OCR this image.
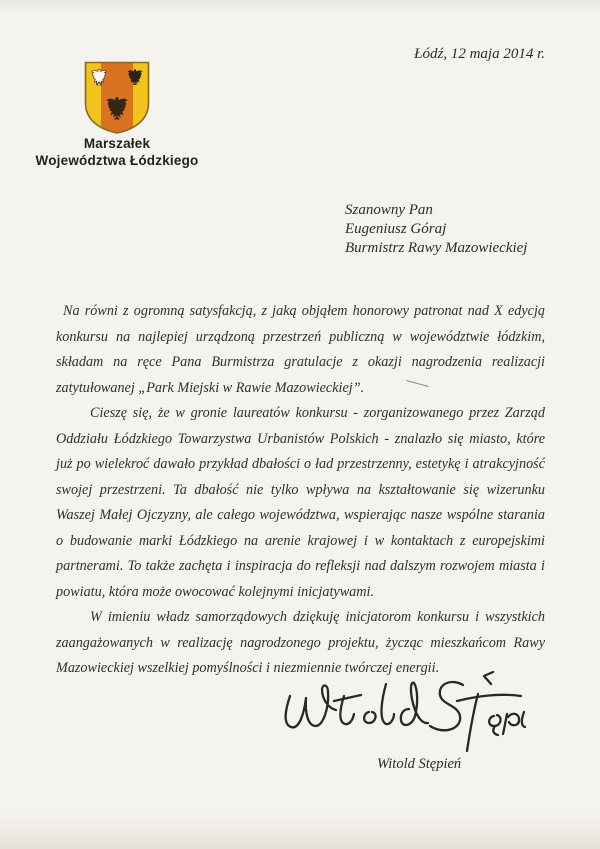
Marszałek
Województwa Łódzkiego
Łódź, 12 maja 2014 r.
Szanowny Pan
Eugeniusz Góraj
Burmistrz Rawy Mazowieckiej

Na równi z ogromną satysfakcją, z jaką objąłem honorowy patronat nad X edycją konkursu na najlepiej urządzoną przestrzeń publiczną w województwie łódzkim, składam na ręce Pana Burmistrza gratulacje z okazji nagrodzenia realizacji zatytułowanej „Park Miejski w Rawie Mazowieckiej”.

Cieszę się, że w gronie laureatów konkursu - zorganizowanego przez Zarząd Oddziału Łódzkiego Towarzystwa Urbanistów Polskich - znalazło się miasto, które już po wielekroć dawało przykład dbałości o ład przestrzenny, estetykę i atrakcyjność swojej przestrzeni. Ta dbałość nie tylko wpływa na kształtowanie się wizerunku Waszej Małej Ojczyzny, ale całego województwa, wspierając nasze wspólne starania o budowanie marki Łódzkiego na arenie krajowej i w kontaktach z europejskimi partnerami. To także zachęta i inspiracja do refleksji nad dalszym rozwojem miasta i powiatu, która może owocować kolejnymi inicjatywami.

W imieniu władz samorządowych dziękuję inicjatorom konkursu i wszystkich zaangażowanych w realizację nagrodzonego projektu, życząc mieszkańcom Rawy Mazowieckiej wszelkiej pomyślności i niezmiennie twórczej energii.

Witold Stępień
